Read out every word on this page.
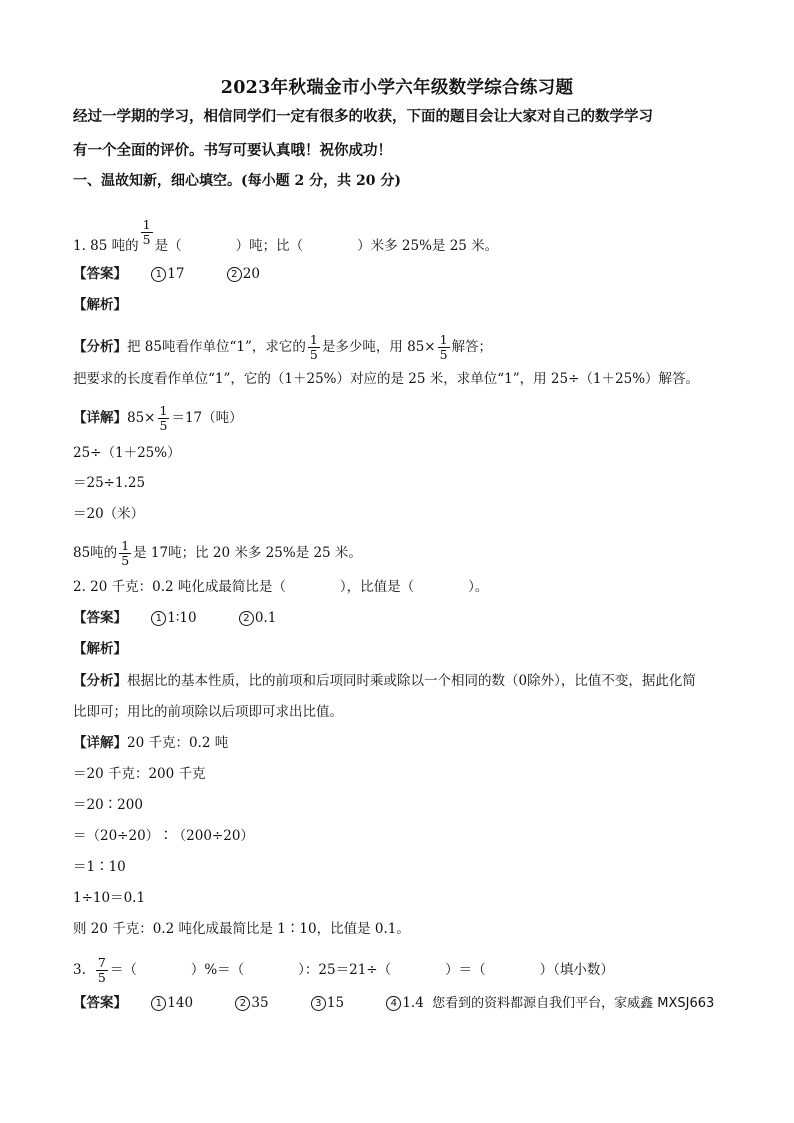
2023年秋瑞金市小学六年级数学综合练习题
经过一学期的学习，相信同学们一定有很多的收获，下面的题目会让大家对自己的数学学习
有一个全面的评价。书写可要认真哦！祝你成功！
一、温故知新，细心填空。(每小题 2 分，共 20 分)
1. 85 吨的 $\frac{1}{5}$ 是（　　　　）吨；比（　　　　）米多 25%是 25 米。
【答案】	1 17	2 20
【解析】
【分析】把 85吨看作单位“1”，求它的 $\frac{1}{5}$ 是多少吨，用 $85\times \frac{1}{5}$ 解答；
把要求的长度看作单位“1”，它的（1＋25%）对应的是 25 米，求单位“1”，用 25÷（1＋25%）解答。
【详解】$85\times \frac{1}{5} =17$（吨）
25÷（1＋25%）
＝25÷1.25
＝20（米）
85吨的 $\frac{1}{5}$ 是 17吨；比 20 米多 25%是 25 米。
2. 20 千克：0.2 吨化成最简比是（　　　　），比值是（　　　　）。
【答案】	1 1∶10	2 0.1
【解析】
【分析】根据比的基本性质，比的前项和后项同时乘或除以一个相同的数（0除外），比值不变，据此化简
比即可；用比的前项除以后项即可求出比值。
【详解】20 千克：0.2 吨
＝20 千克：200 千克
＝20∶200
＝（20÷20）∶（200÷20）
＝1∶10
1÷10＝0.1
则 20 千克：0.2 吨化成最简比是 1∶10，比值是 0.1。
3. $\frac{7}{5}$ ＝（　　　　）%＝（　　　　）：25＝21÷（　　　　）＝（　　　　）（填小数）
【答案】	1 140	2 35	3 15	4 1.4 您看到的资料都源自我们平台，家威鑫 MXSJ663
